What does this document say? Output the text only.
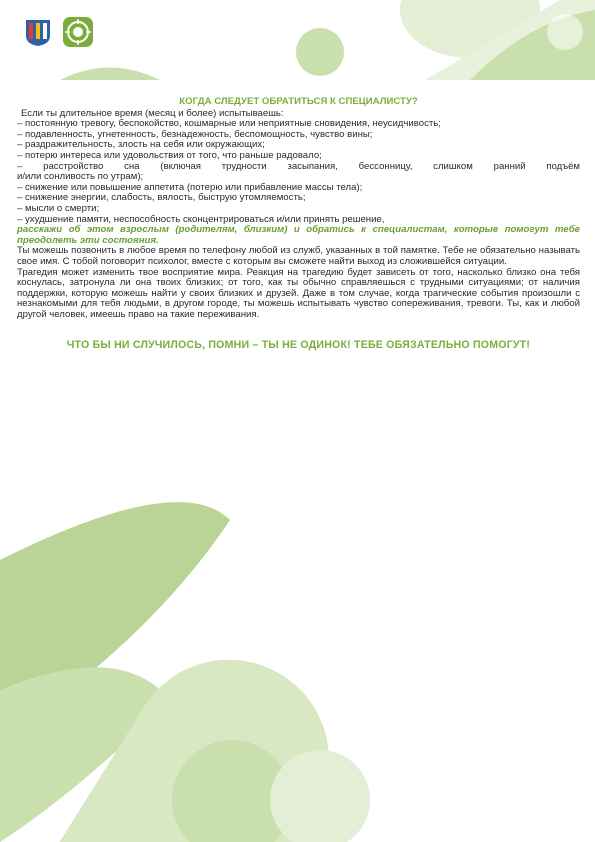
КОГДА СЛЕДУЕТ ОБРАТИТЬСЯ К СПЕЦИАЛИСТУ?

Если ты длительное время (месяц и более) испытываешь:

– постоянную тревогу, беспокойство, кошмарные или неприятные сновидения, неусидчивость;

– подавленность, угнетенность, безнадежность, беспомощность, чувство вины;

– раздражительность, злость на себя или окружающих;

– потерю интереса или удовольствия от того, что раньше радовало;

– расстройство сна (включая трудности засыпания, бессонницу, слишком ранний подъём

и/или сонливость по утрам);

– снижение или повышение аппетита (потерю или прибавление массы тела);

– снижение энергии, слабость, вялость, быструю утомляемость;

– мысли о смерти;

– ухудшение памяти, неспособность сконцентрироваться и/или принять решение,

расскажи об этом взрослым (родителям, близким) и обратись к специалистам, которые помогут тебе преодолеть эти состояния.

Ты можешь позвонить в любое время по телефону любой из служб, указанных в той памятке. Тебе не обязательно называть свое имя. С тобой поговорит психолог, вместе с которым вы сможете найти выход из сложившейся ситуации.

Трагедия может изменить твое восприятие мира. Реакция на трагедию будет зависеть от того, насколько близко она тебя коснулась, затронула ли она твоих близких; от того, как ты обычно справляешься с трудными ситуациями; от наличия поддержки, которую можешь найти у своих близких и друзей. Даже в том случае, когда трагические события произошли с незнакомыми для тебя людьми, в другом городе, ты можешь испытывать чувство сопереживания, тревоги. Ты, как и любой другой человек, имеешь право на такие переживания.

ЧТО БЫ НИ СЛУЧИЛОСЬ, ПОМНИ – ТЫ НЕ ОДИНОК! ТЕБЕ ОБЯЗАТЕЛЬНО ПОМОГУТ!
